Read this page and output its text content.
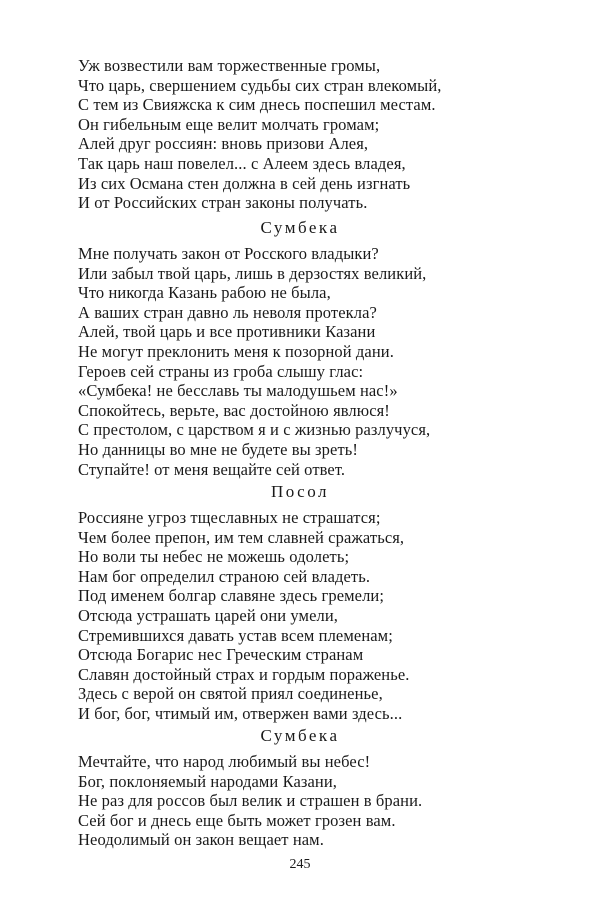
Уж возвестили вам торжественные громы,
Что царь, свершением судьбы сих стран влекомый,
С тем из Свияжска к сим днесь поспешил местам.
Он гибельным еще велит молчать громам;
Алей друг россиян: вновь призови Алея,
Так царь наш повелел... с Алеем здесь владея,
Из сих Османа стен должна в сей день изгнать
И от Российских стран законы получать.
Сумбека
Мне получать закон от Росского владыки?
Или забыл твой царь, лишь в дерзостях великий,
Что никогда Казань рабою не была,
А ваших стран давно ль неволя протекла?
Алей, твой царь и все противники Казани
Не могут преклонить меня к позорной дани.
Героев сей страны из гроба слышу глас:
«Сумбека! не бесславь ты малодушьем нас!»
Спокойтесь, верьте, вас достойною явлюся!
С престолом, с царством я и с жизнью разлучуся,
Но данницы во мне не будете вы зреть!
Ступайте! от меня вещайте сей ответ.
Посол
Россияне угроз тщеславных не страшатся;
Чем более препон, им тем славней сражаться,
Но воли ты небес не можешь одолеть;
Нам бог определил страною сей владеть.
Под именем болгар славяне здесь гремели;
Отсюда устрашать царей они умели,
Стремившихся давать устав всем племенам;
Отсюда Богарис нес Греческим странам
Славян достойный страх и гордым пораженье.
Здесь с верой он святой приял соединенье,
И бог, бог, чтимый им, отвержен вами здесь...
Сумбека
Мечтайте, что народ любимый вы небес!
Бог, поклоняемый народами Казани,
Не раз для россов был велик и страшен в брани.
Сей бог и днесь еще быть может грозен вам.
Неодолимый он закон вещает нам.
245
